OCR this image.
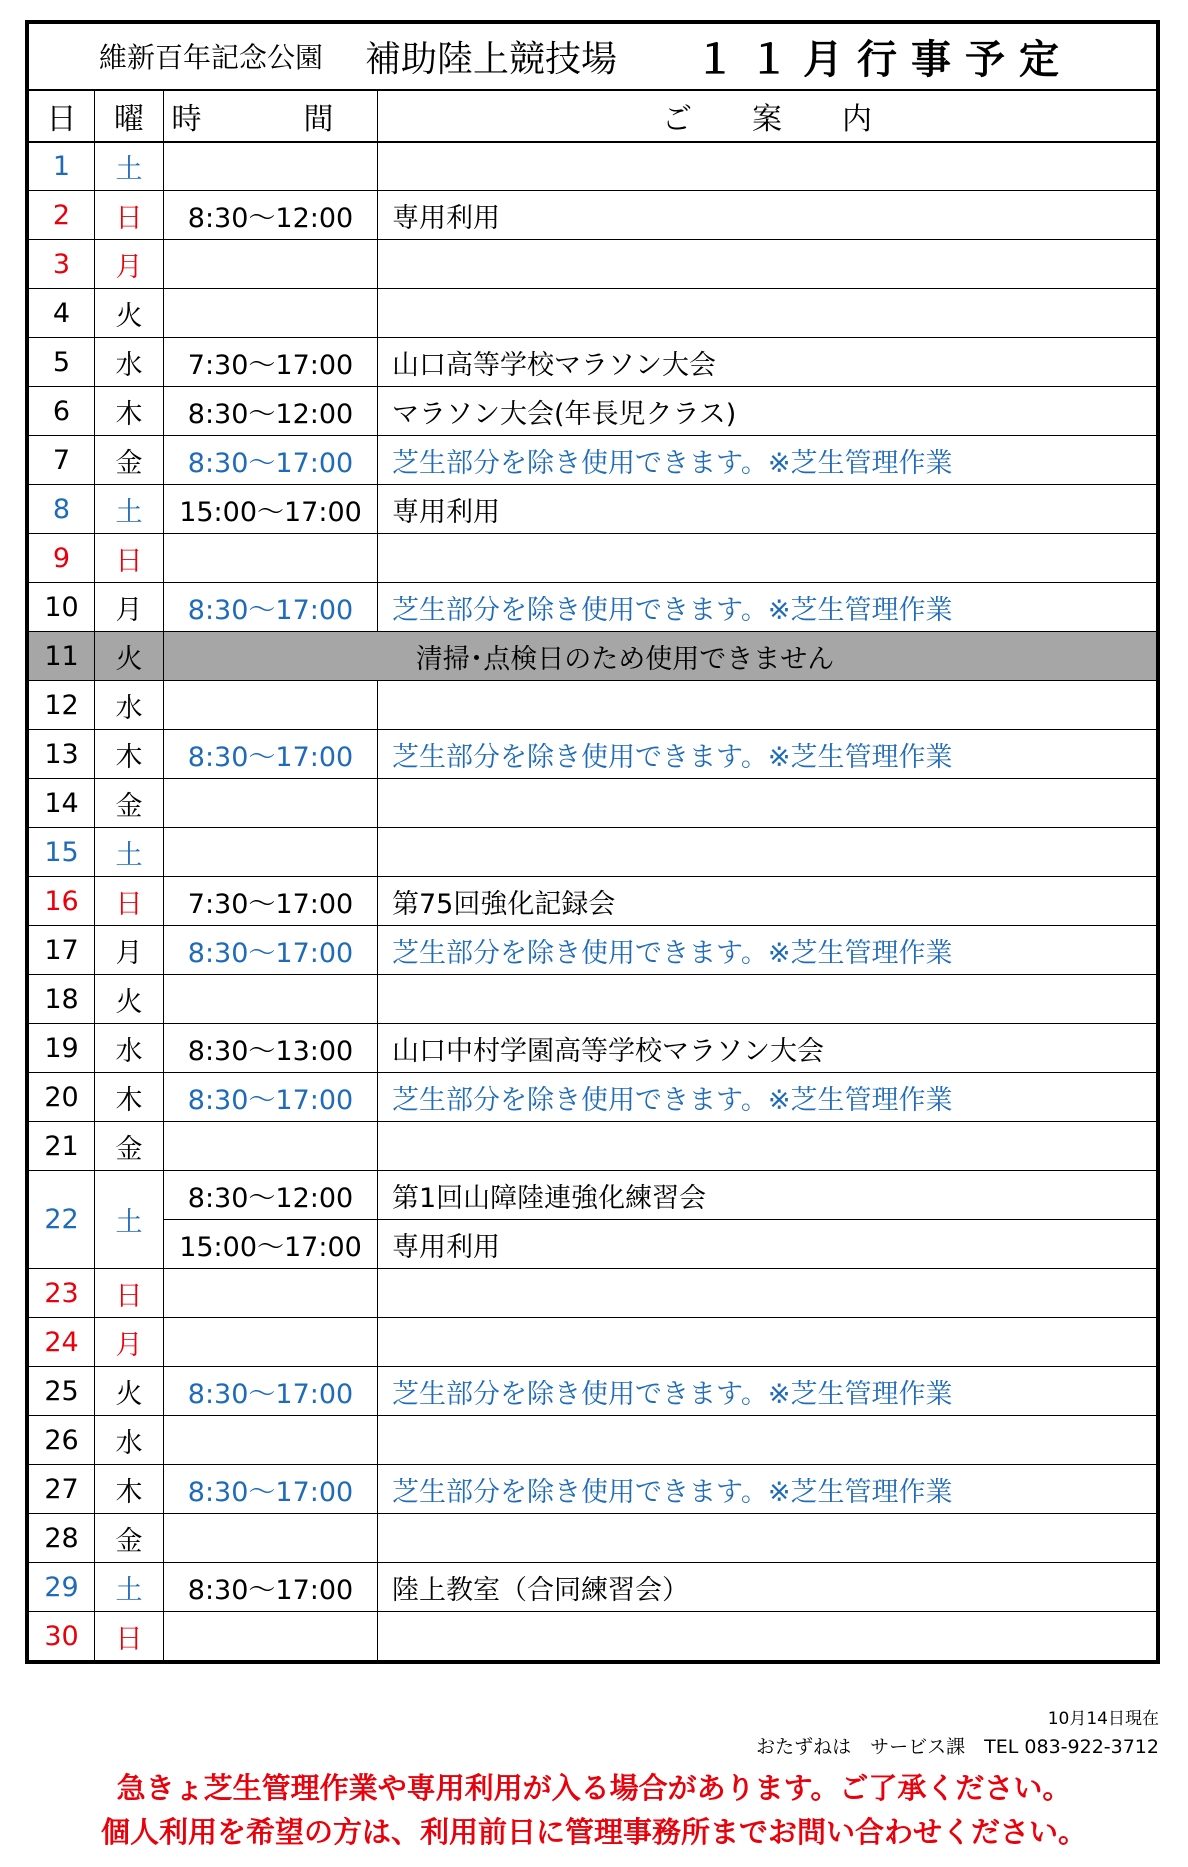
維新百年記念公園 補助陸上競技場 １１月行事予定			

日	曜	時　間	ご　　案　　内
1	土		
2	日	8:30～12:00	専用利用
3	月		
4	火		
5	水	7:30～17:00	山口高等学校マラソン大会
6	木	8:30～12:00	マラソン大会(年長児クラス)
7	金	8:30～17:00	芝生部分を除き使用できます。※芝生管理作業
8	土	15:00～17:00	専用利用
9	日		
10	月	8:30～17:00	芝生部分を除き使用できます。※芝生管理作業
11	火	清掃･点検日のため使用できません	
12	水		
13	木	8:30～17:00	芝生部分を除き使用できます。※芝生管理作業
14	金		
15	土		
16	日	7:30～17:00	第75回強化記録会
17	月	8:30～17:00	芝生部分を除き使用できます。※芝生管理作業
18	火		
19	水	8:30～13:00	山口中村学園高等学校マラソン大会
20	木	8:30～17:00	芝生部分を除き使用できます。※芝生管理作業
21	金		
22	土	8:30～12:00	第1回山障陸連強化練習会
		15:00～17:00	専用利用
23	日		
24	月		
25	火	8:30～17:00	芝生部分を除き使用できます。※芝生管理作業
26	水		
27	木	8:30～17:00	芝生部分を除き使用できます。※芝生管理作業
28	金		
29	土	8:30～17:00	陸上教室（合同練習会）
30	日		
10月14日現在
おたずねは　サービス課　TEL 083-922-3712
急きょ芝生管理作業や専用利用が入る場合があります。ご了承ください。
個人利用を希望の方は、利用前日に管理事務所までお問い合わせください。
